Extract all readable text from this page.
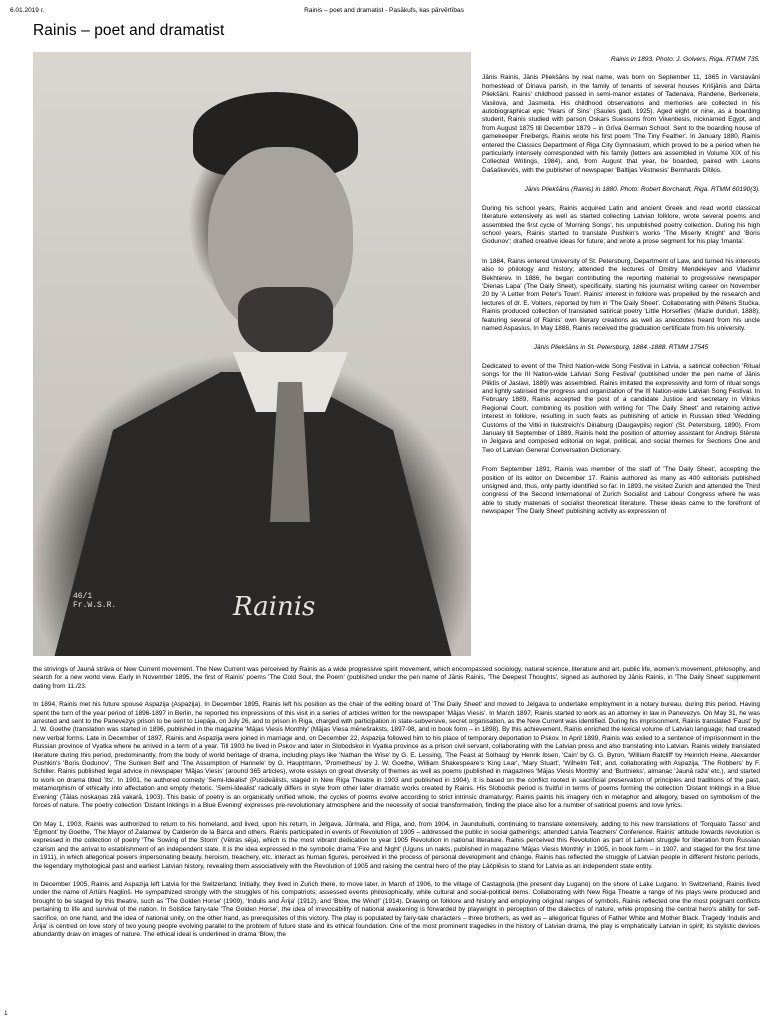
6.01.2019 г.	Rainis – poet and dramatist - Pasākufs, kas pārvērtības
Rainis – poet and dramatist
46/1
Fr.W.S.R.	Rainis

Rainis in 1893. Photo: J. Golvers, Riga. RTMM 735.

Jānis Rainis, Jānis Pliekšāns by real name, was born on September 11, 1865 in Varslavāni homestead of Dinava parish, in the family of tenants of several houses Krišjānis and Dārta Pliekšāni. Rainis' childhood passed in semi-manor estates of Tadenava, Randene, Berkenele, Vasilova, and Jasmeita. His childhood observations and memories are collected in his autobiographical epic 'Years of Sins' (Saules gadi, 1925). Aged eight or nine, as a boarding student, Rainis studied with parson Oskars Suessons from Vikentiesis, nicknamed Egypt, and from August 1875 till December 1879 – in Grīva German School. Sent to the boarding house of gamekeeper Freibergs, Rainis wrote his first poem 'The Tiny Feather'. In January 1880, Rainis entered the Classics Department of Riga City Gymnasium, which proved to be a period when he particularly intensely corresponded with his family (letters are assembled in Volume XIX of his Collected Writings, 1984), and, from August that year, he boarded, paired with Leons Dašaškevičs, with the publisher of newspaper 'Baltijas Vēstnesis' Bernhards Dītiķis.

Jānis Pliekšāns (Rainis) in 1880. Photo: Robert Borchardt, Riga. RTMM 60190(3).

During his school years, Rainis acquired Latin and ancient Greek and read world classical literature extensively as well as started collecting Latvian folklore, wrote several poems and assembled the first cycle of 'Morning Songs', his unpublished poetry collection. During his high school years, Rainis started to translate Pushkin's works 'The Miserly Knight' and 'Boris Godunov'; drafted creative ideas for future; and wrote a prose segment for his play 'Imanta'.

In 1884, Rainis entered University of St. Petersburg, Department of Law, and turned his interests also to philology and history; attended the lectures of Dmitry Mendeleyev and Vladimir Bekhterev. In 1886, he began contributing the reporting material to progressive newspaper 'Dienas Lapa' (The Daily Sheet), specifically, starting his journalist writing career on November 20 by 'A Letter from Peter's Town'. Rainis' interest in folklore was propelled by the research and lectures of dr. E. Volters, reported by him in 'The Daily Sheet'. Collaborating with Pēteris Stučka, Rainis produced collection of translated satirical poetry 'Little Horseflies' (Mazie dunduri, 1888), featuring several of Rainis' own literary creations as well as anecdotes heard from his uncle named Aspasius. In May 1888, Rainis received the graduation certificate from his university.

Jānis Pliekšāns in St. Petersburg, 1884.-1888. RTMM 17545

Dedicated to event of the Third Nation-wide Song Festival in Latvia, a satirical collection 'Ritual songs for the III Nation-wide Latvian Song Festival' (published under the pen name of Jānis Pliktīs of Jaslavi, 1889) was assembled. Rainis imitated the expressivity and form of ritual songs and lightly satirised the progress and organization of the III Nation-wide Latvian Song Festival. In February 1889, Rainis accepted the post of a candidate Justice and secretary in Vilnius Regional Court, combining its position with writing for 'The Daily Sheet' and retaining active interest in folklore, resulting in such feats as publishing of article in Russian titled 'Wedding Customs of the Vitki in Ilukstreich's Dinaburg (Daugavpils) region' (St. Petersburg, 1890). From January till September of 1889, Rainis held the position of attorney assistant for Andrejs Stērste in Jelgava and composed editorial on legal, political, and social themes for Sections One and Two of Latvian General Conversation Dictionary.

From September 1891, Rainis was member of the staff of 'The Daily Sheet', accepting the position of its editor on December 17. Rainis authored as many as 400 editorials published unsigned and, thus, only partly identified so far. In 1893, he visited Zurich and attended the Third congress of the Second International of Zurich Socialist and Labour Congress where he was able to study materials of socialist theoretical literature. These ideas came to the forefront of newspaper 'The Daily Sheet' publishing activity as expression of

the strivings of Jaunā strāva or New Current movement. The New Current was perceived by Rainis as a wide progressive spirit movement, which encompassed sociology, natural science, literature and art, public life, women's movement, philosophy, and search for a new world view. Early in November 1895, the first of Rainis' poems 'The Cold Soul, the Poem' (published under the pen name of Jānis Rainis, 'The Deepest Thoughts', signed as authored by Jānis Rainis, in 'The Daily Sheet' supplement dating from 11./23.

In 1894, Rainis met his future spouse Aspazija (Aspazija). In December 1895, Rainis left his position as the chair of the editing board of 'The Daily Sheet' and moved to Jelgava to undertake employment in a notary bureau, during this period. Having spent the turn of the year period of 1896-1897 in Berlin, he reported his impressions of this visit in a series of articles written for the newspaper 'Mājas Viesis'. In March 1897, Rainis started to work as an attorney in law in Panevezys. On May 31, he was arrested and sent to the Panevezys prison to be sent to Liepāja, on July 26, and to prison in Riga, charged with participation in state-subversive, secret organisation, as the New Current was identified. During his imprisonment, Rainis translated 'Faust' by J. W. Goethe (translation was started in 1896, published in the magazine 'Mājas Viesis Monthly' (Mājas Viesa mēnešraksts, 1897-98, and in book form – in 1898). By this achievement, Rainis enriched the lexical volume of Latvian language; had created new verbal forms. Late in December of 1897, Rainis and Aspazija were joined in marriage and, on December 22, Aspazija followed him to his place of temporary deportation to Pskov. In April 1899, Rainis was exiled to a sentence of imprisonment in the Russian province of Vyatka where he arrived in a term of a year. Till 1903 he lived in Pskov and later in Slobodskoi in Vyatka province as a prison civil servant, collaborating with the Latvian press and also translating into Latvian. Rainis widely translated literature during this period, predominantly, from the body of world heritage of drama, including plays like 'Nathan the Wise' by G. E. Lessing, 'The Feast at Solhaug' by Henrik Ibsen, 'Cain' by G. G. Byron, 'William Ratcliff' by Heinrich Heine, Alexander Pushkin's 'Boris Godunov', 'The Sunken Bell' and 'The Assumption of Hannele' by G. Hauptmann, 'Prometheus' by J. W. Goethe, William Shakespeare's 'King Lear', 'Mary Stuart', 'Wilhelm Tell', and, collaborating with Aspazija, 'The Robbers' by F. Schiller. Rainis published legal advice in newspaper 'Mājas Viesis' (around 365 articles), wrote essays on great diversity of themes as well as poems (published in magazines 'Mājas Viesis Monthly' and 'Burtnieks', almanac 'Jaunā raža' etc.), and started to work on drama titled 'Its'. In 1901, he authored comedy 'Semi-Idealist' (Pusideālists, staged in New Riga Theatre in 1903 and published in 1904). It is based on the conflict rooted in sacrificial preservation of principles and traditions of the past, metamorphism of ethically into affectation and empty rhetoric. 'Semi-Idealist' radically differs in style from other later dramatic works created by Rainis. His Slobodsk period is fruitful in terms of poems forming the collection 'Distant Inklings in a Blue Evening' (Tālas noskaņas zilā vakarā, 1903). This basic of poetry is an organically unified whole, the cycles of poems evolve according to strict intrinsic dramaturgy; Rainis paints his imagery rich in metaphor and allegory, based on symbolism of the forces of nature. The poetry collection 'Distant Inklings in a Blue Evening' expresses pre-revolutionary atmosphere and the necessity of social transformation, finding the place also for a number of satirical poems and love lyrics.

On May 1, 1903, Rainis was authorized to return to his homeland, and lived, upon his return, in Jelgava, Jūrmala, and Rīga, and, from 1904, in Jaundubulti, continuing to translate extensively, adding to his new translations of 'Torquato Tasso' and 'Egmont' by Goethe, 'The Mayor of Zalamea' by Calderón de la Barca and others. Rainis participated in events of Revolution of 1905 – addressed the public in social gatherings; attended Latvia Teachers' Conference. Rainis' attitude towards revolution is expressed in the collection of poetry 'The Sowing of the Storm' (Vētras sēja), which is the most vibrant dedication to year 1905 Revolution in national literature. Rainis perceived this Revolution as part of Latvian struggle for liberation from Russian czarism and the arrival to establishment of an independent state. It is the idea expressed in the symbolic drama 'Fire and Night' (Uguns un nakts, published in magazine 'Mājas Viesis Monthly' in 1905, in book form – in 1907, and staged for the first time in 1911), in which allegorical powers impersonating beauty, heroism, treachery, etc. interact as human figures, perceived in the process of personal development and change. Rainis has reflected the struggle of Latvian people in different historic periods, the legendary mythological past and earliest Latvian history, revealing them associatively with the Revolution of 1905 and raising the central hero of the play Lāčplēsis to stand for Latvia as an independent state entity.

In December 1905, Rainis and Aspazija left Latvia for the Switzerland. Initially, they lived in Zurich there, to move later, in March of 1906, to the village of Castagnola (the present day Lugano) on the shore of Lake Lugano. In Switzerland, Rainis lived under the name of Artūrs Naglinš. He sympathized strongly with the struggles of his compatriots; assessed events philosophically, while cultural and social-political items. Collaborating with New Riga Theatre a range of his plays were produced and brought to be staged by this theatre, such as 'The Golden Horse' (1909), 'Indulis and Ārija' (1912), and 'Blow, the Wind!' (1914). Drawing on folklore and history and employing original ranges of symbols, Rainis reflected one the most poignant conflicts pertaining to life and survival of the nation. In Solstice fairy-tale 'The Golden Horse', the idea of irrevocability of national awakening is forwarded by playwright in perception of the dialectics of nature, while proposing the central hero's ability for self-sacrifice, on one hand, and the idea of national unity, on the other hand, as prerequisites of this victory. The play is populated by fairy-tale characters – three brothers, as well as – allegorical figures of Father White and Mother Black. Tragedy 'Indulis and Ārija' is centred on love story of two young people evolving parallel to the problem of future state and its ethical foundation. One of the most prominent tragedies in the history of Latvian drama, the play is emphatically Latvian in spirit; its stylistic devices abundantly draw on images of nature. The ethical ideal is underlined in drama 'Blow, the

1
